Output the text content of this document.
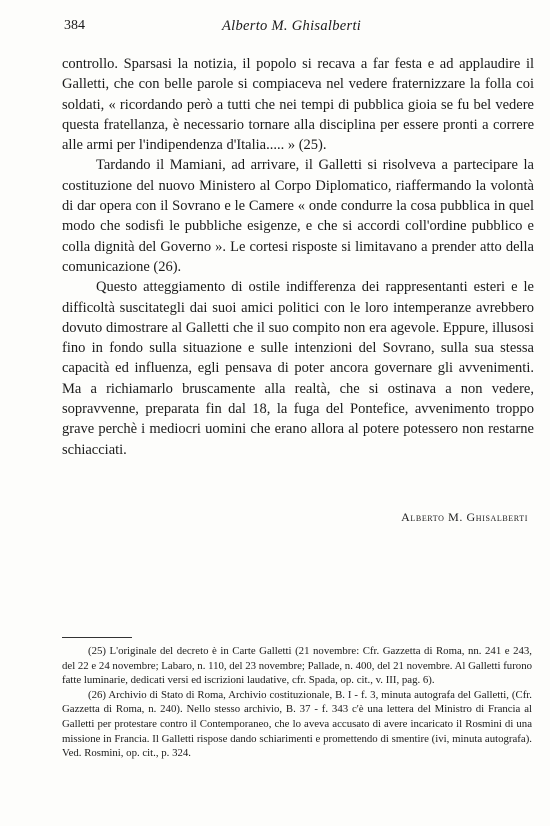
384	Alberto M. Ghisalberti

controllo. Sparsasi la notizia, il popolo si recava a far festa e ad applaudire il Galletti, che con belle parole si compiaceva nel vedere fraternizzare la folla coi soldati, « ricordando però a tutti che nei tempi di pubblica gioia se fu bel vedere questa fratellanza, è necessario tornare alla disciplina per essere pronti a correre alle armi per l'indipendenza d'Italia..... » (25).

Tardando il Mamiani, ad arrivare, il Galletti si risolveva a partecipare la costituzione del nuovo Ministero al Corpo Diplomatico, riaffermando la volontà di dar opera con il Sovrano e le Camere « onde condurre la cosa pubblica in quel modo che sodisfi le pubbliche esigenze, e che si accordi coll'ordine pubblico e colla dignità del Governo ». Le cortesi risposte si limitavano a prender atto della comunicazione (26).

Questo atteggiamento di ostile indifferenza dei rappresentanti esteri e le difficoltà suscitategli dai suoi amici politici con le loro intemperanze avrebbero dovuto dimostrare al Galletti che il suo compito non era agevole. Eppure, illusosi fino in fondo sulla situazione e sulle intenzioni del Sovrano, sulla sua stessa capacità ed influenza, egli pensava di poter ancora governare gli avvenimenti. Ma a richiamarlo bruscamente alla realtà, che si ostinava a non vedere, sopravvenne, preparata fin dal 18, la fuga del Pontefice, avvenimento troppo grave perchè i mediocri uomini che erano allora al potere potessero non restarne schiacciati.

Alberto M. Ghisalberti

(25) L'originale del decreto è in Carte Galletti (21 novembre: Cfr. Gazzetta di Roma, nn. 241 e 243, del 22 e 24 novembre; Labaro, n. 110, del 23 novembre; Pallade, n. 400, del 21 novembre. Al Galletti furono fatte luminarie, dedicati versi ed iscrizioni laudative, cfr. Spada, op. cit., v. III, pag. 6).

(26) Archivio di Stato di Roma, Archivio costituzionale, B. I - f. 3, minuta autografa del Galletti, (Cfr. Gazzetta di Roma, n. 240). Nello stesso archivio, B. 37 - f. 343 c'è una lettera del Ministro di Francia al Galletti per protestare contro il Contemporaneo, che lo aveva accusato di avere incaricato il Rosmini di una missione in Francia. Il Galletti rispose dando schiarimenti e promettendo di smentire (ivi, minuta autografa). Ved. Rosmini, op. cit., p. 324.
